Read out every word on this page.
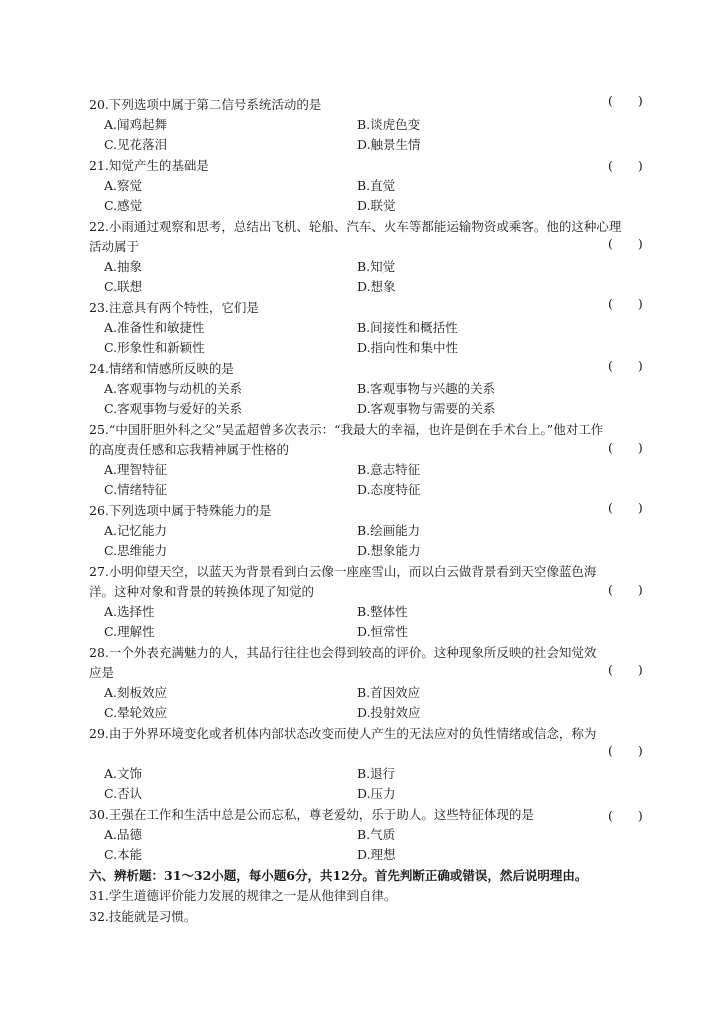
20.下列选项中属于第二信号系统活动的是	(　　)
A.闻鸡起舞	B.谈虎色变
C.见花落泪	D.触景生情
21.知觉产生的基础是	(　　)
A.察觉	B.直觉
C.感觉	D.联觉
22.小雨通过观察和思考，总结出飞机、轮船、汽车、火车等都能运输物资或乘客。他的这种心理
活动属于	(　　)
A.抽象	B.知觉
C.联想	D.想象
23.注意具有两个特性，它们是	(　　)
A.准备性和敏捷性	B.间接性和概括性
C.形象性和新颖性	D.指向性和集中性
24.情绪和情感所反映的是	(　　)
A.客观事物与动机的关系	B.客观事物与兴趣的关系
C.客观事物与爱好的关系	D.客观事物与需要的关系
25.“中国肝胆外科之父”吴孟超曾多次表示：“我最大的幸福，也许是倒在手术台上。”他对工作
的高度责任感和忘我精神属于性格的	(　　)
A.理智特征	B.意志特征
C.情绪特征	D.态度特征
26.下列选项中属于特殊能力的是	(　　)
A.记忆能力	B.绘画能力
C.思维能力	D.想象能力
27.小明仰望天空，以蓝天为背景看到白云像一座座雪山，而以白云做背景看到天空像蓝色海
洋。这种对象和背景的转换体现了知觉的	(　　)
A.选择性	B.整体性
C.理解性	D.恒常性
28.一个外表充满魅力的人，其品行往往也会得到较高的评价。这种现象所反映的社会知觉效
应是	(　　)
A.刻板效应	B.首因效应
C.晕轮效应	D.投射效应
29.由于外界环境变化或者机体内部状态改变而使人产生的无法应对的负性情绪或信念，称为
(　　)
A.文饰	B.退行
C.否认	D.压力
30.王强在工作和生活中总是公而忘私，尊老爱幼，乐于助人。这些特征体现的是	(　　)
A.品德	B.气质
C.本能	D.理想
六、辨析题：31～32小题，每小题6分，共12分。首先判断正确或错误，然后说明理由。
31.学生道德评价能力发展的规律之一是从他律到自律。
32.技能就是习惯。
